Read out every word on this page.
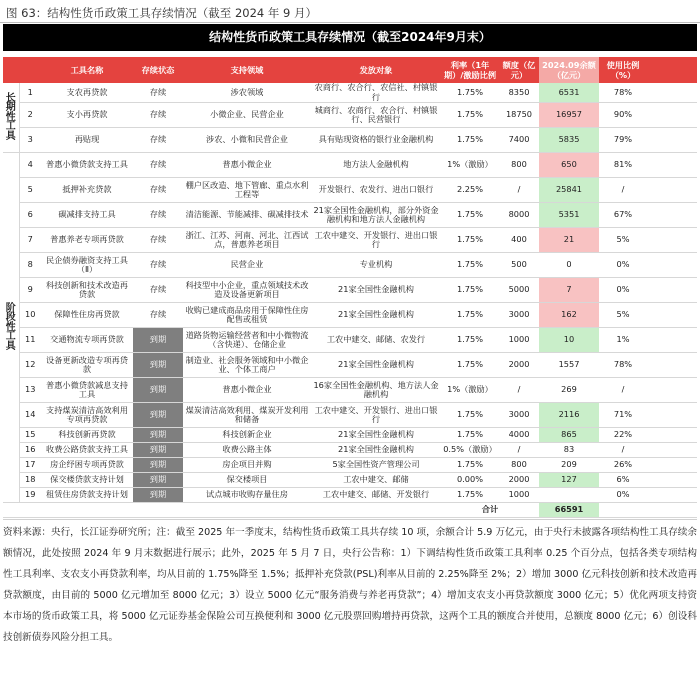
图 63：结构性货币政策工具存续情况（截至 2024 年 9 月）
结构性货币政策工具存续情况（截至2024年9月末）
		工具名称	存续状态	支持领域	发放对象	利率（1年期）/激励比例	额度（亿元）	2024.09余额（亿元）	使用比例（%）	
长期性工具	1	支农再贷款	存续	涉农领域	农商行、农合行、农信社、村镇银行	1.75%	8350	6531	78%	
	2	支小再贷款	存续	小微企业、民营企业	城商行、农商行、农合行、村镇银行、民营银行	1.75%	18750	16957	90%	
	3	再贴现	存续	涉农、小微和民营企业	具有贴现资格的银行业金融机构	1.75%	7400	5835	79%	
阶段性工具	4	普惠小微贷款支持工具	存续	普惠小微企业	地方法人金融机构	1%（激励）	800	650	81%	
	5	抵押补充贷款	存续	棚户区改造、地下管廊、重点水利工程等	开发银行、农发行、进出口银行	2.25%	/	25841	/	
	6	碳减排支持工具	存续	清洁能源、节能减排、碳减排技术	21家全国性金融机构，部分外资金融机构和地方法人金融机构	1.75%	8000	5351	67%	
	7	普惠养老专项再贷款	存续	浙江、江苏、河南、河北、江西试点，普惠养老项目	工农中建交、开发银行、进出口银行	1.75%	400	21	5%	
	8	民企债券融资支持工具（Ⅱ）	存续	民营企业	专业机构	1.75%	500	0	0%	
	9	科技创新和技术改造再贷款	存续	科技型中小企业，重点领域技术改造及设备更新项目	21家全国性金融机构	1.75%	5000	7	0%	
	10	保障性住房再贷款	存续	收购已建成商品房用于保障性住房配售或租赁	21家全国性金融机构	1.75%	3000	162	5%	
	11	交通物流专项再贷款	到期	道路货物运输经营者和中小微物流（含快递）、仓储企业	工农中建交、邮储、农发行	1.75%	1000	10	1%	
	12	设备更新改造专项再贷款	到期	制造业、社会服务领域和中小微企业、个体工商户	21家全国性金融机构	1.75%	2000	1557	78%	
	13	普惠小微贷款减息支持工具	到期	普惠小微企业	16家全国性金融机构、地方法人金融机构	1%（激励）	/	269	/	
	14	支持煤炭清洁高效利用专项再贷款	到期	煤炭清洁高效利用、煤炭开发利用和储备	工农中建交、开发银行、进出口银行	1.75%	3000	2116	71%	
	15	科技创新再贷款	到期	科技创新企业	21家全国性金融机构	1.75%	4000	865	22%	
	16	收费公路贷款支持工具	到期	收费公路主体	21家全国性金融机构	0.5%（激励）	/	83	/	
	17	房企纾困专项再贷款	到期	房企项目并购	5家全国性资产管理公司	1.75%	800	209	26%	
	18	保交楼贷款支持计划	到期	保交楼项目	工农中建交、邮储	0.00%	2000	127	6%	
	19	租赁住房贷款支持计划	到期	试点城市收购存量住房	工农中建交、邮储、开发银行	1.75%	1000		0%	
						合计		66591		
资料来源：央行，长江证券研究所；注：截至 2025 年一季度末，结构性货币政策工具共存续 10 项，余额合计 5.9 万亿元，由于央行未披露各项结构性工具存续余额情况，此处按照 2024 年 9 月末数据进行展示；此外，2025 年 5 月 7 日，央行公告称：1）下调结构性货币政策工具利率 0.25 个百分点，包括各类专项结构性工具利率、支农支小再贷款利率，均从目前的 1.75%降至 1.5%；抵押补充贷款(PSL)利率从目前的 2.25%降至 2%；2）增加 3000 亿元科技创新和技术改造再贷款额度，由目前的 5000 亿元增加至 8000 亿元；3）设立 5000 亿元“服务消费与养老再贷款”；4）增加支农支小再贷款额度 3000 亿元；5）优化两项支持资本市场的货币政策工具，将 5000 亿元证券基金保险公司互换便利和 3000 亿元股票回购增持再贷款，这两个工具的额度合并使用，总额度 8000 亿元；6）创设科技创新债券风险分担工具。
